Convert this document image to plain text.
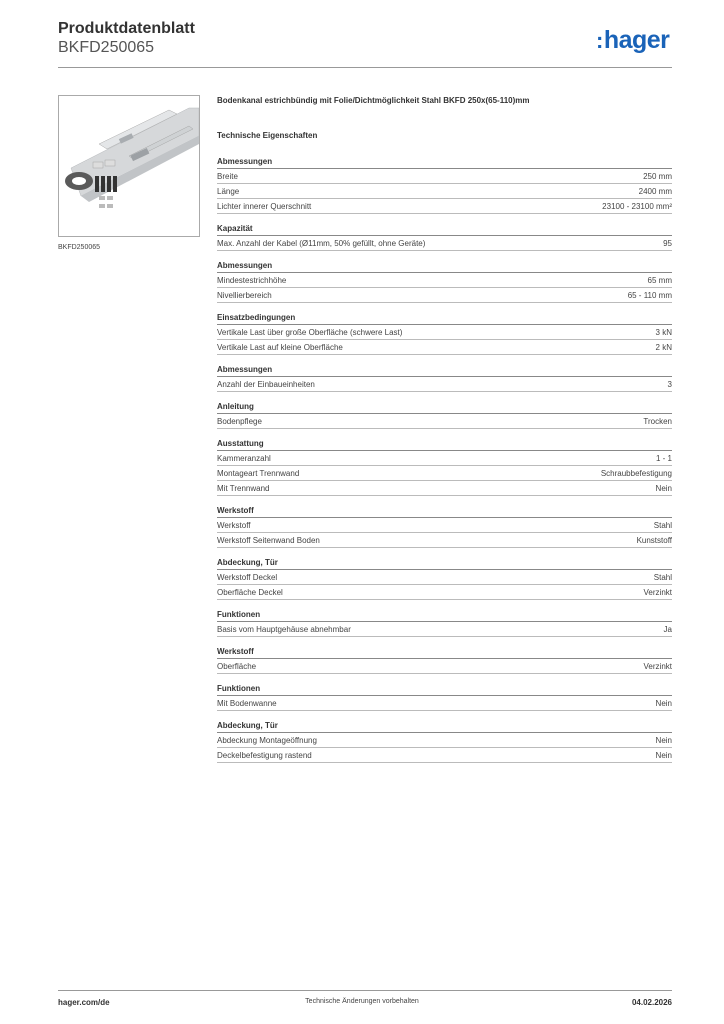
Produktdatenblatt
BKFD250065	:hager
BKFD250065
Bodenkanal estrichbündig mit Folie/Dichtmöglichkeit Stahl BKFD 250x(65-110)mm
Technische Eigenschaften
Abmessungen
Breite	250 mm
Länge	2400 mm
Lichter innerer Querschnitt	23100 - 23100 mm²
Kapazität
Max. Anzahl der Kabel (Ø11mm, 50% gefüllt, ohne Geräte)	95
Abmessungen
Mindestestrichhöhe	65 mm
Nivellierbereich	65 - 110 mm
Einsatzbedingungen
Vertikale Last über große Oberfläche (schwere Last)	3 kN
Vertikale Last auf kleine Oberfläche	2 kN
Abmessungen
Anzahl der Einbaueinheiten	3
Anleitung
Bodenpflege	Trocken
Ausstattung
Kammeranzahl	1 - 1
Montageart Trennwand	Schraubbefestigung
Mit Trennwand	Nein
Werkstoff
Werkstoff	Stahl
Werkstoff Seitenwand Boden	Kunststoff
Abdeckung, Tür
Werkstoff Deckel	Stahl
Oberfläche Deckel	Verzinkt
Funktionen
Basis vom Hauptgehäuse abnehmbar	Ja
Werkstoff
Oberfläche	Verzinkt
Funktionen
Mit Bodenwanne	Nein
Abdeckung, Tür
Abdeckung Montageöffnung	Nein
Deckelbefestigung rastend	Nein
hager.com/de	Technische Änderungen vorbehalten	04.02.2026
